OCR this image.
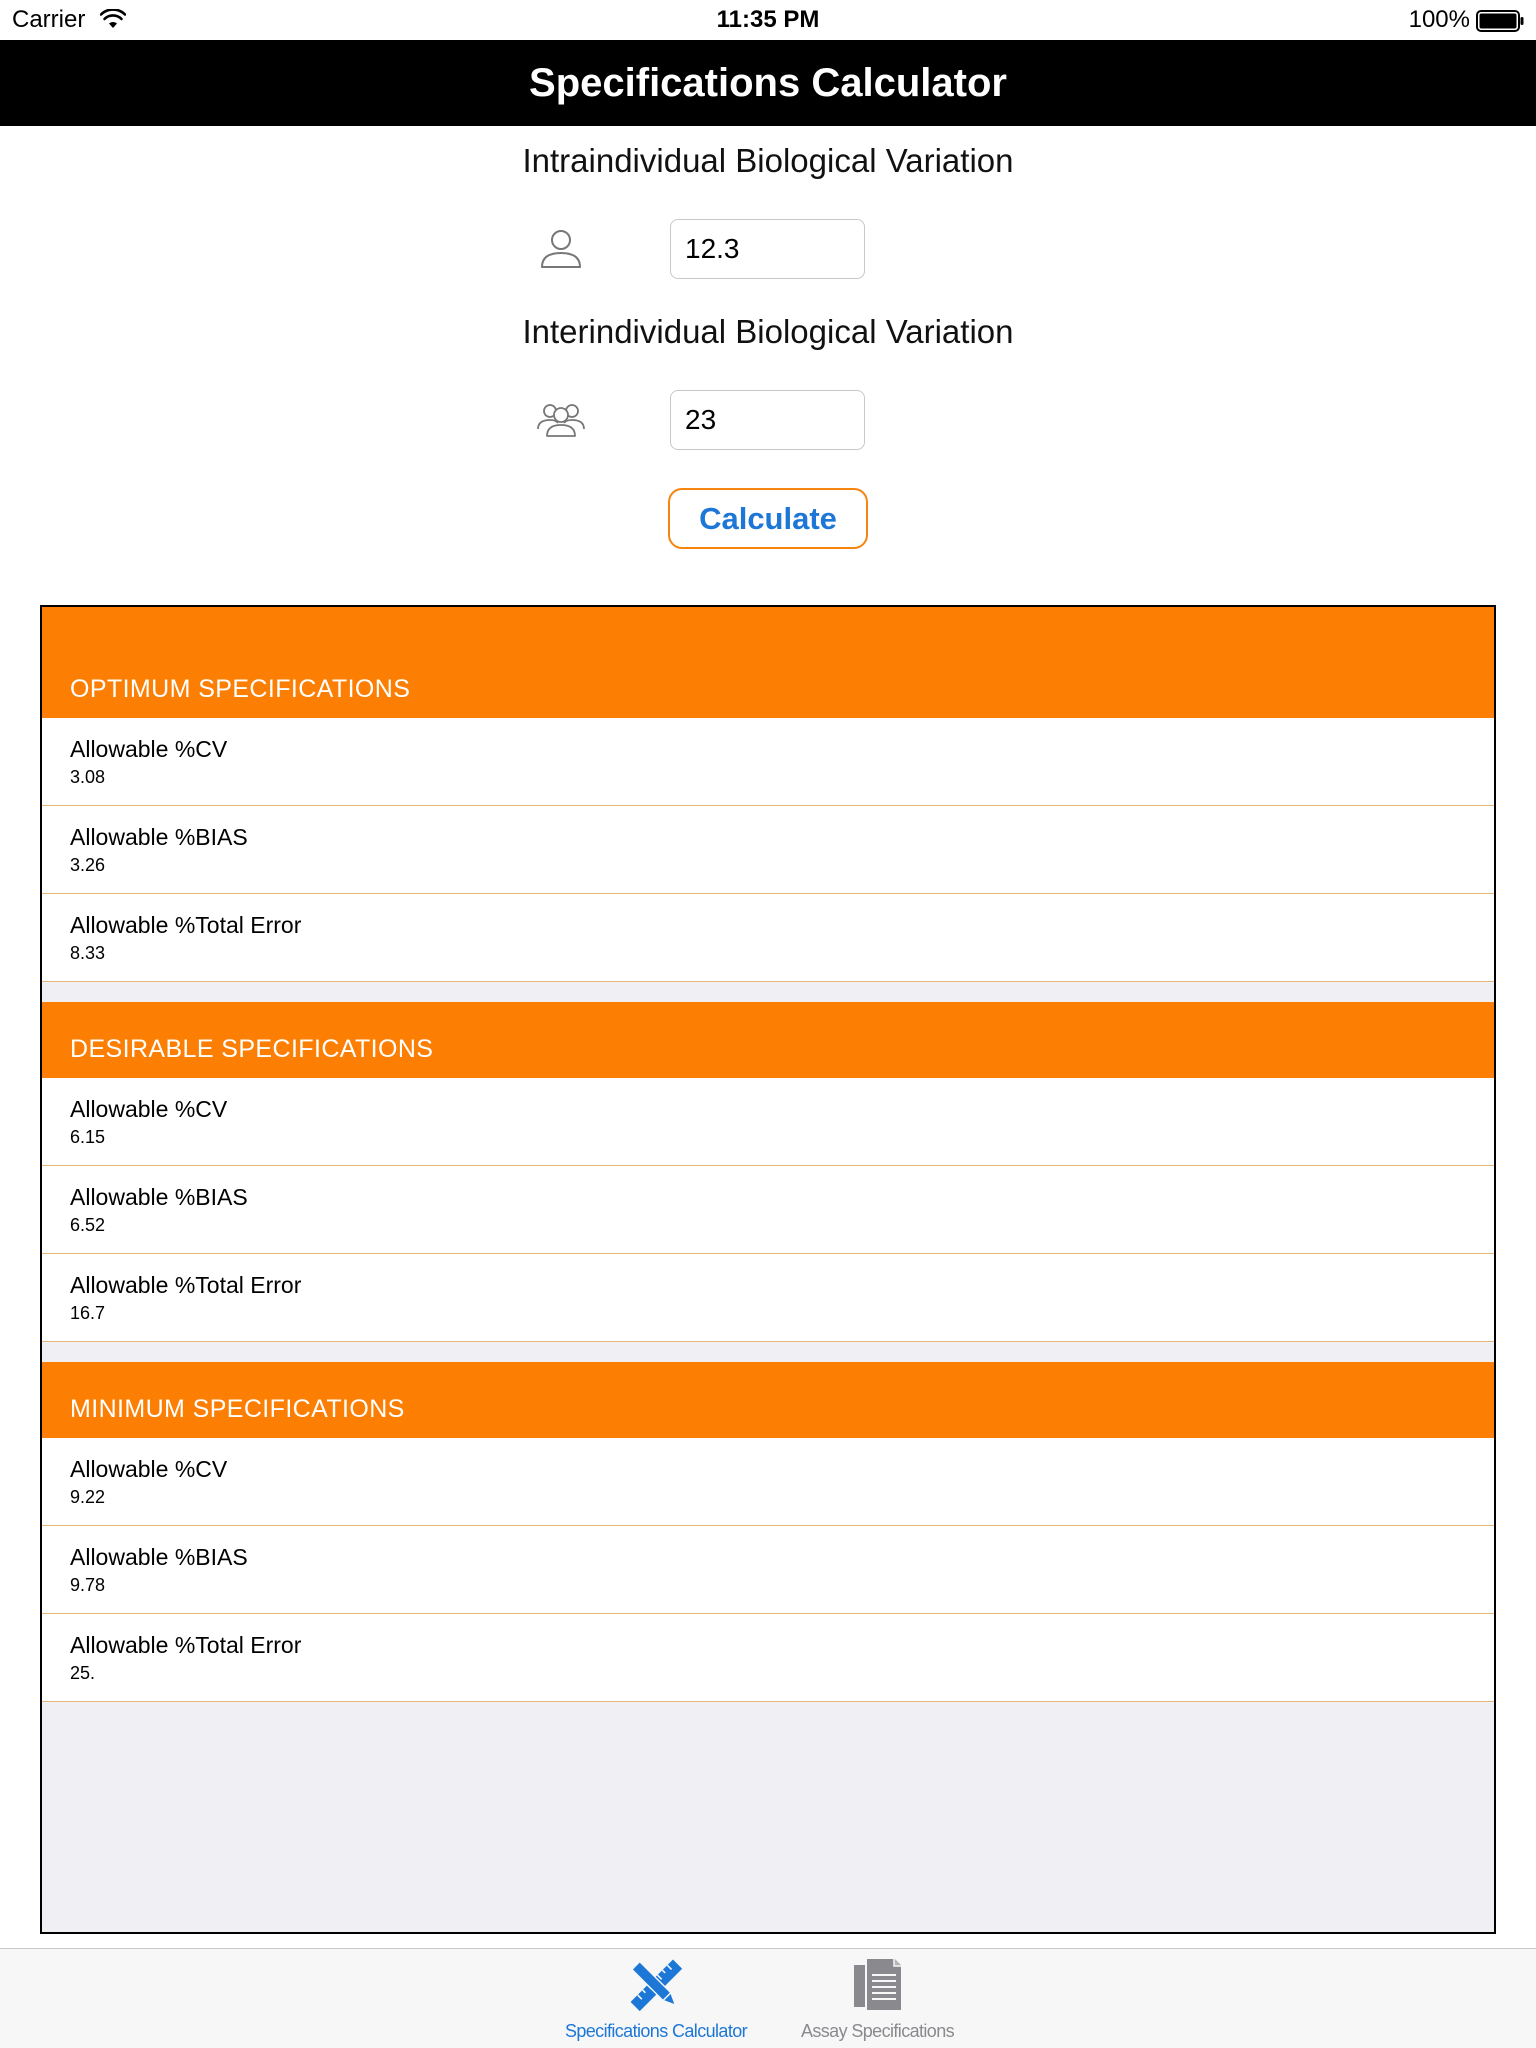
Carrier	11:35 PM	100%
Specifications Calculator
Intraindividual Biological Variation
12.3
Interindividual Biological Variation
23
Calculate
OPTIMUM SPECIFICATIONS
Allowable %CV
3.08
Allowable %BIAS
3.26
Allowable %Total Error
8.33
DESIRABLE SPECIFICATIONS
Allowable %CV
6.15
Allowable %BIAS
6.52
Allowable %Total Error
16.7
MINIMUM SPECIFICATIONS
Allowable %CV
9.22
Allowable %BIAS
9.78
Allowable %Total Error
25.
Specifications Calculator	Assay Specifications
